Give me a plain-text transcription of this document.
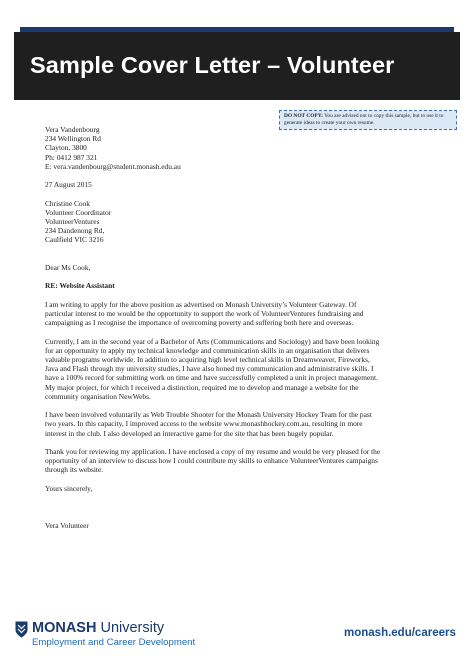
Sample Cover Letter – Volunteer
DO NOT COPY: You are advised not to copy this sample, but to use it to generate ideas to create your own resume.

Vera Vandenbourg

234 Wellington Rd

Clayton, 3800

Ph: 0412 987 321

E: vera.vandenbourg@student.monash.edu.au

27 August 2015

Christine Cook

Volunteer Coordinator

VolunteerVentures

234 Dandenong Rd,

Caulfield VIC 3216

Dear Ms Cook,

RE: Website Assistant

I am writing to apply for the above position as advertised on Monash University’s Volunteer Gateway. Of

particular interest to me would be the opportunity to support the work of VolunteerVentures fundraising and

campaigning as I recognise the importance of overcoming poverty and suffering both here and overseas.

Currently, I am in the second year of a Bachelor of Arts (Communications and Sociology) and have been looking

for an opportunity to apply my technical knowledge and communication skills in an organisation that delivers

valuable programs worldwide. In addition to acquiring high level technical skills in Dreamweaver, Fireworks,

Java and Flash through my university studies, I have also honed my communication and administrative skills. I

have a 100% record for submitting work on time and have successfully completed a unit in project management.

My major project, for which I received a distinction, required me to develop and manage a website for the

community organisation NewWebs.

I have been involved voluntarily as Web Trouble Shooter for the Monash University Hockey Team for the past

two years. In this capacity, I improved access to the website www.monashhockey.com.au, resulting in more

interest in the club. I also developed an interactive game for the site that has been hugely popular.

Thank you for reviewing my application. I have enclosed a copy of my resume and would be very pleased for the

opportunity of an interview to discuss how I could contribute my skills to enhance VolunteerVentures campaigns

through its website.

Yours sincerely,

Vera Volunteer

MONASH University
Employment and Career Development
monash.edu/careers
